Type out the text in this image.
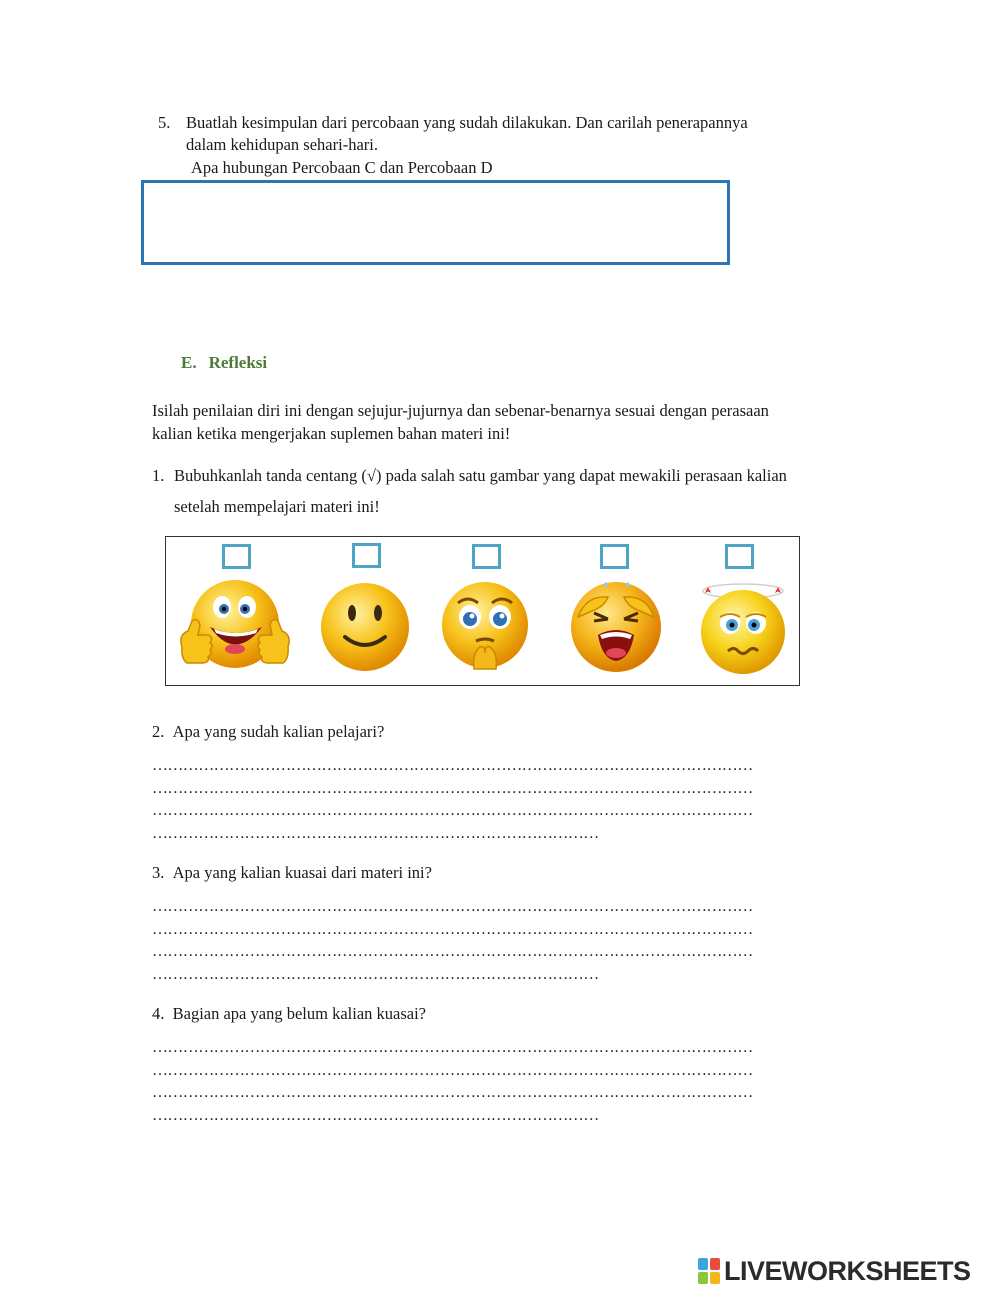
5. Buatlah kesimpulan dari percobaan yang sudah dilakukan. Dan carilah penerapannya
dalam kehidupan sehari-hari.
Apa hubungan Percobaan C dan Percobaan D
E. Refleksi
Isilah penilaian diri ini dengan sejujur-jujurnya dan sebenar-benarnya sesuai dengan perasaan
kalian ketika mengerjakan suplemen bahan materi ini!
1. Bubuhkanlah tanda centang (√) pada salah satu gambar yang dapat mewakili perasaan kalian
setelah mempelajari materi ini!
2. Apa yang sudah kalian pelajari?
………………………………………………………………………………………………………
………………………………………………………………………………………………………
………………………………………………………………………………………………………
……………………………………………………………………………
3. Apa yang kalian kuasai dari materi ini?
………………………………………………………………………………………………………
………………………………………………………………………………………………………
………………………………………………………………………………………………………
……………………………………………………………………………
4. Bagian apa yang belum kalian kuasai?
………………………………………………………………………………………………………
………………………………………………………………………………………………………
………………………………………………………………………………………………………
……………………………………………………………………………
LIVEWORKSHEETS
